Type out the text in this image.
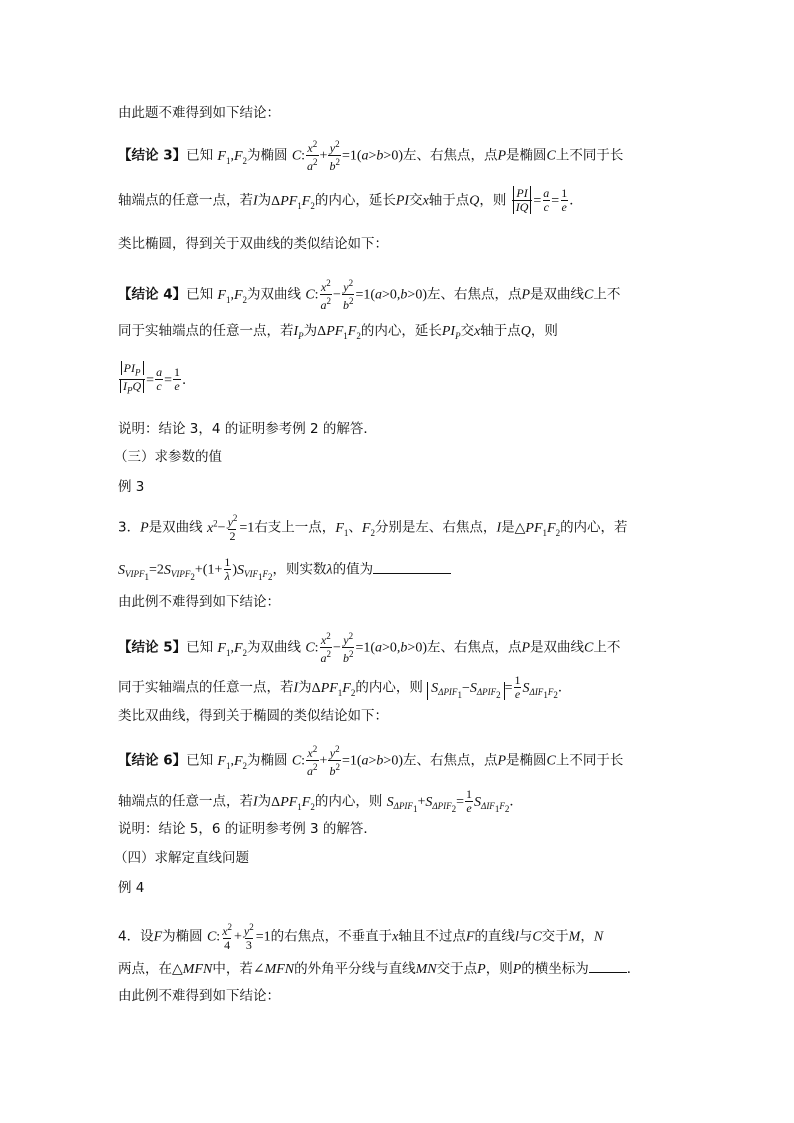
由此题不难得到如下结论：
【结论 3】已知 $F_1,F_2$为椭圆 C: $\frac{x^2}{a^2} + \frac{y^2}{b^2} =1(a>b>0)$左、右焦点，点P是椭圆C上不同于长
轴端点的任意一点，若I为$\Delta PF_1F_2$的内心，延长PI交x轴于点Q，则 $\frac{PI}{IQ} = \frac{a}{c} = \frac{1}{e}$ ．
类比椭圆，得到关于双曲线的类似结论如下：
【结论 4】已知 $F_1,F_2$为双曲线 C: $\frac{x^2}{a^2} - \frac{y^2}{b^2} =1(a>0,b>0)$左、右焦点，点P是双曲线C上不
同于实轴端点的任意一点，若$I_P$为$\Delta PF_1F_2$的内心，延长$PI_P$交x轴于点Q，则
$\frac{PI_P}{I_PQ} = \frac{a}{c} = \frac{1}{e}$ ．
说明：结论 3，4 的证明参考例 2 的解答．
（三）求参数的值
例 3
3．P是双曲线 $x^2- \frac{y^2}{2} =1$右支上一点，$F_1$、$F_2$分别是左、右焦点，I是$\triangle PF_1F_2$的内心，若
$S_{VIPF_1}=2S_{VIPF_2}+(1+ \frac{1}{\lambda} )S_{VIF_1F_2}$，则实数λ的值为
由此例不难得到如下结论：
【结论 5】已知 $F_1,F_2$为双曲线 C: $\frac{x^2}{a^2} - \frac{y^2}{b^2} =1(a>0,b>0)$左、右焦点，点P是双曲线C上不
同于实轴端点的任意一点，若I为$\Delta PF_1F_2$的内心，则 $S_{\Delta PIF_1}-S_{\Delta PIF_2} = \frac{1}{e} S_{\Delta IF_1F_2}$．
类比双曲线，得到关于椭圆的类似结论如下：
【结论 6】已知 $F_1,F_2$为椭圆 C: $\frac{x^2}{a^2} + \frac{y^2}{b^2} =1(a>b>0)$左、右焦点，点P是椭圆C上不同于长
轴端点的任意一点，若I为$\Delta PF_1F_2$的内心，则 $S_{\Delta PIF_1}+S_{\Delta PIF_2}= \frac{1}{e} S_{\Delta IF_1F_2}$．
说明：结论 5，6 的证明参考例 3 的解答．
（四）求解定直线问题
例 4
4．设F为椭圆 C: $\frac{x^2}{4} + \frac{y^2}{3} =1$的右焦点，不垂直于x轴且不过点F的直线l与C交于M，N
两点，在△MFN中，若∠MFN的外角平分线与直线MN交于点P，则P的横坐标为	．
由此例不难得到如下结论：
